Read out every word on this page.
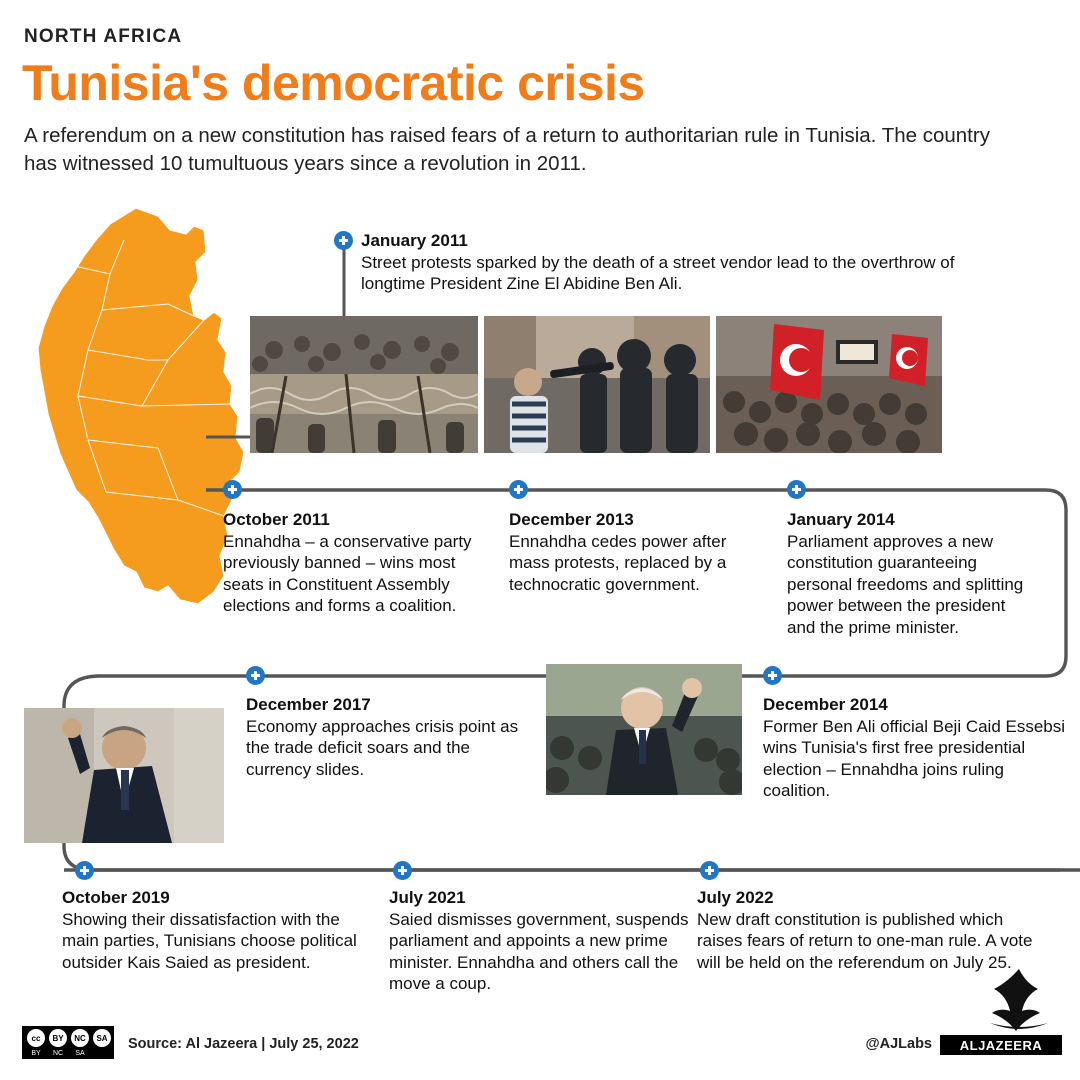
NORTH AFRICA
Tunisia's democratic crisis
A referendum on a new constitution has raised fears of a return to authoritarian rule in Tunisia. The country has witnessed 10 tumultuous years since a revolution in 2011.
January 2011
Street protests sparked by the death of a street vendor lead to the overthrow of longtime President Zine El Abidine Ben Ali.
October 2011
Ennahdha – a conservative party previously banned – wins most seats in Constituent Assembly elections and forms a coalition.
December 2013
Ennahdha cedes power after mass protests, replaced by a technocratic government.
January 2014
Parliament approves a new constitution guaranteeing personal freedoms and splitting power between the president and the prime minister.
December 2014
Former Ben Ali official Beji Caid Essebsi wins Tunisia's first free presidential election – Ennahdha joins ruling coalition.
December 2017
Economy approaches crisis point as the trade deficit soars and the currency slides.
October 2019
Showing their dissatisfaction with the main parties, Tunisians choose political outsider Kais Saied as president.
July 2021
Saied dismisses government, suspends parliament and appoints a new prime minister. Ennahdha and others call the move a coup.
July 2022
New draft constitution is published which raises fears of return to one-man rule. A vote will be held on the referendum on July 25.
cc BY NC SA
BY NC SA
Source: Al Jazeera | July 25, 2022	@AJLabs ALJAZEERA
